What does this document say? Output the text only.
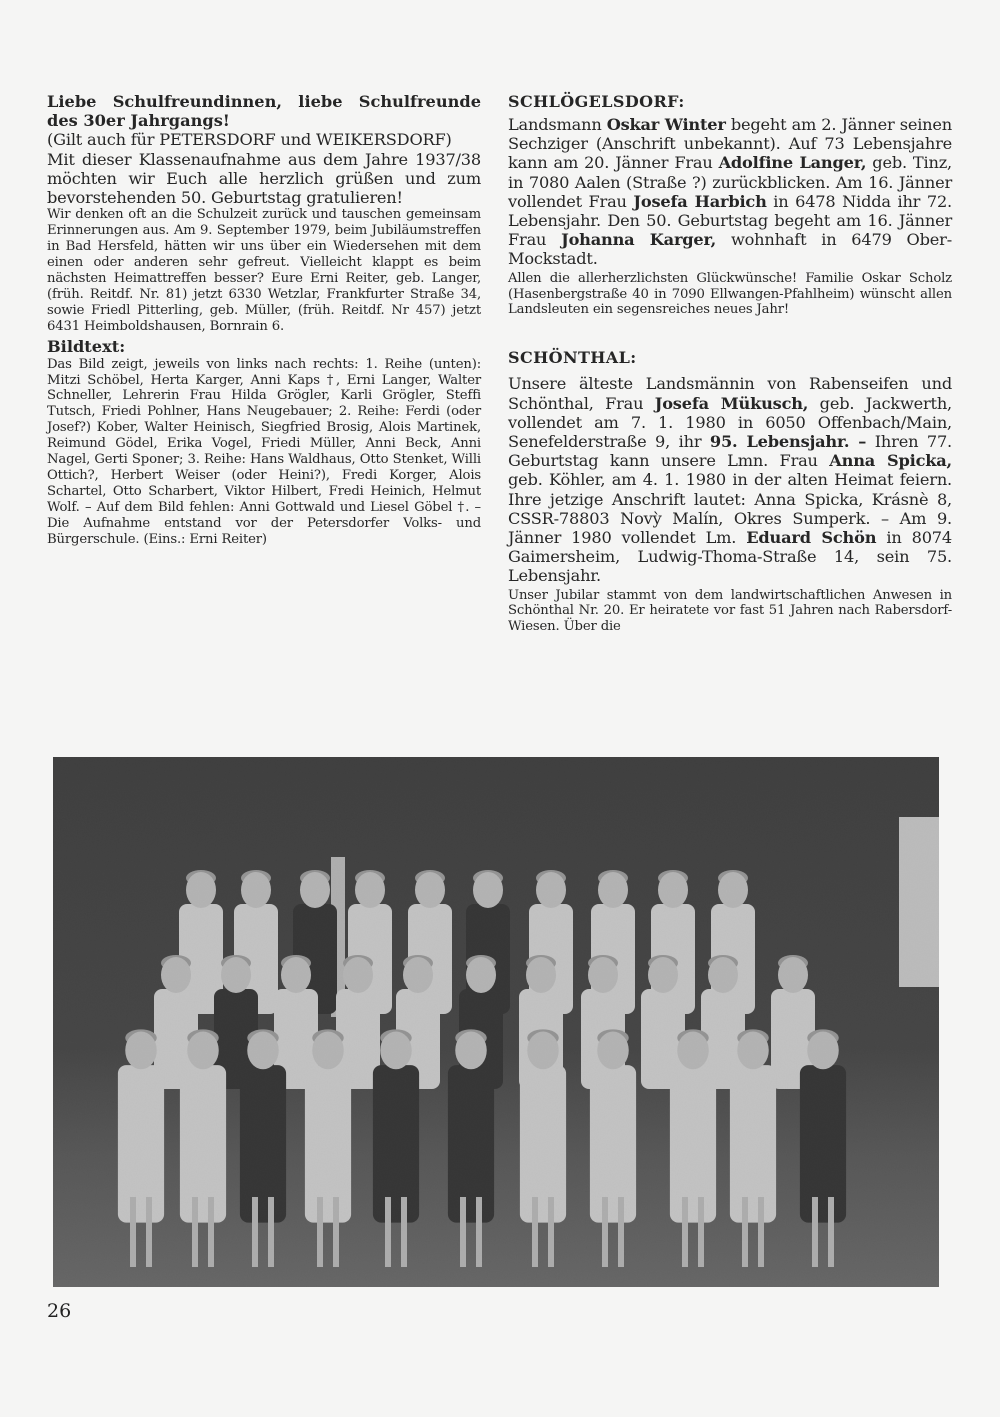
Liebe Schulfreundinnen, liebe Schulfreunde des 30er Jahrgangs!

(Gilt auch für PETERSDORF und WEIKERSDORF)

Mit dieser Klassenaufnahme aus dem Jahre 1937/38 möchten wir Euch alle herzlich grüßen und zum bevorstehenden 50. Geburtstag gratulieren!

Wir denken oft an die Schulzeit zurück und tauschen gemeinsam Erinnerungen aus. Am 9. September 1979, beim Jubiläumstreffen in Bad Hersfeld, hätten wir uns über ein Wiedersehen mit dem einen oder anderen sehr gefreut. Vielleicht klappt es beim nächsten Heimattreffen besser? Eure Erni Reiter, geb. Langer, (früh. Reitdf. Nr. 81) jetzt 6330 Wetzlar, Frankfurter Straße 34, sowie Friedl Pitterling, geb. Müller, (früh. Reitdf. Nr 457) jetzt 6431 Heimboldshausen, Bornrain 6.

Bildtext:

Das Bild zeigt, jeweils von links nach rechts: 1. Reihe (unten): Mitzi Schöbel, Herta Karger, Anni Kaps †, Erni Langer, Walter Schneller, Lehrerin Frau Hilda Grögler, Karli Grögler, Steffi Tutsch, Friedi Pohlner, Hans Neugebauer; 2. Reihe: Ferdi (oder Josef?) Kober, Walter Heinisch, Siegfried Brosig, Alois Martinek, Reimund Gödel, Erika Vogel, Friedi Müller, Anni Beck, Anni Nagel, Gerti Sponer; 3. Reihe: Hans Waldhaus, Otto Stenket, Willi Ottich?, Herbert Weiser (oder Heini?), Fredi Korger, Alois Schartel, Otto Scharbert, Viktor Hilbert, Fredi Heinich, Helmut Wolf. – Auf dem Bild fehlen: Anni Gottwald und Liesel Göbel †. – Die Aufnahme entstand vor der Petersdorfer Volks- und Bürgerschule. (Eins.: Erni Reiter)

SCHLÖGELSDORF:

Landsmann Oskar Winter begeht am 2. Jänner seinen Sechziger (Anschrift unbekannt). Auf 73 Lebensjahre kann am 20. Jänner Frau Adolfine Langer, geb. Tinz, in 7080 Aalen (Straße ?) zurückblicken. Am 16. Jänner vollendet Frau Josefa Harbich in 6478 Nidda ihr 72. Lebensjahr. Den 50. Geburtstag begeht am 16. Jänner Frau Johanna Karger, wohnhaft in 6479 Ober-Mockstadt.

Allen die allerherzlichsten Glückwünsche! Familie Oskar Scholz (Hasenbergstraße 40 in 7090 Ellwangen-Pfahlheim) wünscht allen Landsleuten ein segensreiches neues Jahr!

SCHÖNTHAL:

Unsere älteste Landsmännin von Rabenseifen und Schönthal, Frau Josefa Mükusch, geb. Jackwerth, vollendet am 7. 1. 1980 in 6050 Offenbach/Main, Senefelderstraße 9, ihr 95. Lebensjahr. – Ihren 77. Geburtstag kann unsere Lmn. Frau Anna Spicka, geb. Köhler, am 4. 1. 1980 in der alten Heimat feiern. Ihre jetzige Anschrift lautet: Anna Spicka, Krásnè 8, CSSR-78803 Novỳ Malín, Okres Sumperk. – Am 9. Jänner 1980 vollendet Lm. Eduard Schön in 8074 Gaimersheim, Ludwig-Thoma-Straße 14, sein 75. Lebensjahr.

Unser Jubilar stammt von dem landwirtschaftlichen Anwesen in Schönthal Nr. 20. Er heiratete vor fast 51 Jahren nach Rabersdorf-Wiesen. Über die

26
